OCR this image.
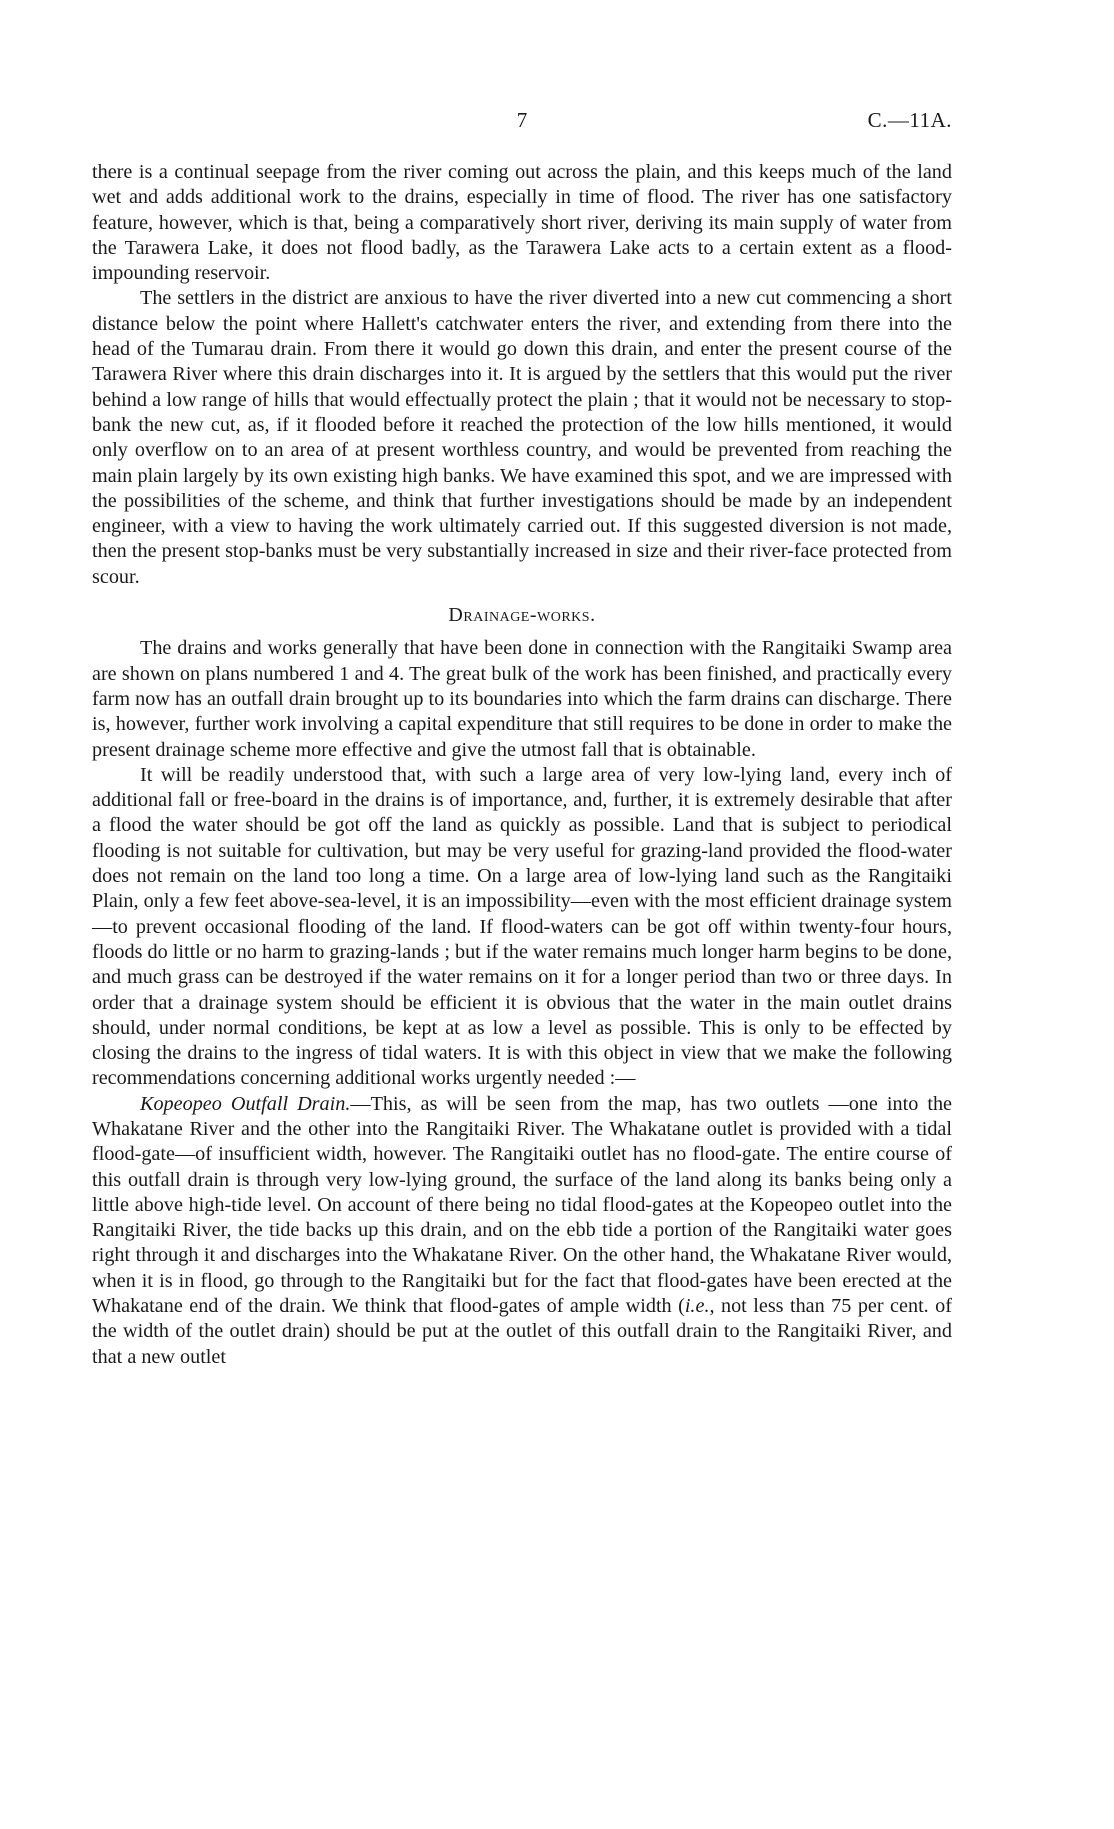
7	C.—11A.

there is a continual seepage from the river coming out across the plain, and this keeps much of the land wet and adds additional work to the drains, especially in time of flood. The river has one satisfactory feature, however, which is that, being a comparatively short river, deriving its main supply of water from the Tarawera Lake, it does not flood badly, as the Tarawera Lake acts to a certain extent as a flood-impounding reservoir.

The settlers in the district are anxious to have the river diverted into a new cut commencing a short distance below the point where Hallett's catchwater enters the river, and extending from there into the head of the Tumarau drain. From there it would go down this drain, and enter the present course of the Tarawera River where this drain discharges into it. It is argued by the settlers that this would put the river behind a low range of hills that would effectually protect the plain ; that it would not be necessary to stop-bank the new cut, as, if it flooded before it reached the protection of the low hills mentioned, it would only overflow on to an area of at present worthless country, and would be prevented from reaching the main plain largely by its own existing high banks. We have examined this spot, and we are impressed with the possibilities of the scheme, and think that further investigations should be made by an independent engineer, with a view to having the work ultimately carried out. If this suggested diversion is not made, then the present stop-banks must be very substantially increased in size and their river-face protected from scour.

Drainage-works.

The drains and works generally that have been done in connection with the Rangitaiki Swamp area are shown on plans numbered 1 and 4. The great bulk of the work has been finished, and practically every farm now has an outfall drain brought up to its boundaries into which the farm drains can discharge. There is, however, further work involving a capital expenditure that still requires to be done in order to make the present drainage scheme more effective and give the utmost fall that is obtainable.

It will be readily understood that, with such a large area of very low-lying land, every inch of additional fall or free-board in the drains is of importance, and, further, it is extremely desirable that after a flood the water should be got off the land as quickly as possible. Land that is subject to periodical flooding is not suitable for cultivation, but may be very useful for grazing-land provided the flood-water does not remain on the land too long a time. On a large area of low-lying land such as the Rangitaiki Plain, only a few feet above-sea-level, it is an impossibility—even with the most efficient drainage system—to prevent occasional flooding of the land. If flood-waters can be got off within twenty-four hours, floods do little or no harm to grazing-lands ; but if the water remains much longer harm begins to be done, and much grass can be destroyed if the water remains on it for a longer period than two or three days. In order that a drainage system should be efficient it is obvious that the water in the main outlet drains should, under normal conditions, be kept at as low a level as possible. This is only to be effected by closing the drains to the ingress of tidal waters. It is with this object in view that we make the following recommendations concerning additional works urgently needed :—

Kopeopeo Outfall Drain.—This, as will be seen from the map, has two outlets —one into the Whakatane River and the other into the Rangitaiki River. The Whakatane outlet is provided with a tidal flood-gate—of insufficient width, however. The Rangitaiki outlet has no flood-gate. The entire course of this outfall drain is through very low-lying ground, the surface of the land along its banks being only a little above high-tide level. On account of there being no tidal flood-gates at the Kopeopeo outlet into the Rangitaiki River, the tide backs up this drain, and on the ebb tide a portion of the Rangitaiki water goes right through it and discharges into the Whakatane River. On the other hand, the Whakatane River would, when it is in flood, go through to the Rangitaiki but for the fact that flood-gates have been erected at the Whakatane end of the drain. We think that flood-gates of ample width (i.e., not less than 75 per cent. of the width of the outlet drain) should be put at the outlet of this outfall drain to the Rangitaiki River, and that a new outlet
